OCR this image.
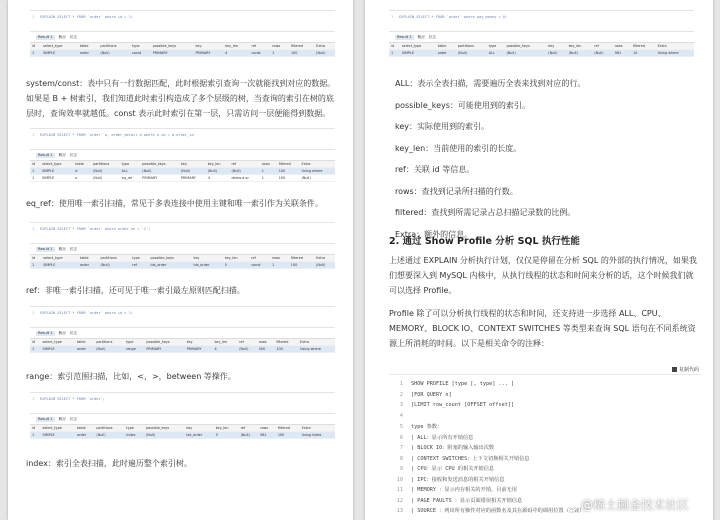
1 EXPLAIN SELECT * FROM `order` where id = 1;
Result 1	概况 状态
id	select_type	table	partitions	type	possible_keys	key	key_len	ref	rows	filtered	Extra
1	SIMPLE	order	(Null)	const	PRIMARY	PRIMARY	4	const	1	100	(Null)

system/const：表中只有一行数据匹配，此时根据索引查询一次就能找到对应的数据。如果是 B + 树索引，我们知道此时索引构造成了多个层级的树，当查询的索引在树的底层时，查询效率就越低。const 表示此时索引在第一层，只需访问一层便能得到数据。

1 EXPLAIN SELECT * FROM `order` o, order_detail d where o.id = d.order_id
Result 1	概况 状态
id	select_type	table	partitions	type	possible_keys	key	key_len	ref	rows	filtered	Extra
1	SIMPLE	d	(Null)	ALL	(Null)	(Null)	(Null)	(Null)	1	100	Using where
1	SIMPLE	o	(Null)	eq_ref	PRIMARY	PRIMARY	4	demo.d.or	1	100	(Null)

eq_ref：使用唯一索引扫描，常见于多表连接中使用主键和唯一索引作为关联条件。

1 EXPLAIN SELECT * FROM `order` where order_no = '1';
Result 1	概况 状态
id	select_type	table	partitions	type	possible_keys	key	key_len	ref	rows	filtered	Extra
1	SIMPLE	order	(Null)	ref	idx_order	idx_order	5	const	1	100	(Null)

ref：非唯一索引扫描，还可见于唯一索引最左原则匹配扫描。

1 EXPLAIN SELECT * FROM `order` where id > 1;
Result 1	概况 状态
id	select_type	table	partitions	type	possible_keys	key	key_len	ref	rows	filtered	Extra
1	SIMPLE	order	(Null)	range	PRIMARY	PRIMARY	4	(Null)	500	100	Using where

range：索引范围扫描，比如，<，>，between 等操作。

1 EXPLAIN SELECT * FROM `order`;
Result 1	概况 状态
id	select_type	table	partitions	type	possible_keys	key	key_len	ref	rows	filtered	Extra
1	SIMPLE	order	(Null)	index	(Null)	idx_order	5	(Null)	981	100	Using index

index：索引全表扫描，此时遍历整个索引树。

1 EXPLAIN SELECT * FROM `order` where pay_money = 0;
Result 1	概况 状态
id	select_type	table	partitions	type	possible_keys	key	key_len	ref	rows	filtered	Extra
1	SIMPLE	order	(Null)	ALL	(Null)	(Null)	(Null)	(Null)	981	10	Using where
ALL：表示全表扫描，需要遍历全表来找到对应的行。
possible_keys：可能使用到的索引。
key：实际使用到的索引。
key_len：当前使用的索引的长度。
ref：关联 id 等信息。
rows：查找到记录所扫描的行数。
filtered：查找到所需记录占总扫描记录数的比例。
Extra：额外的信息。
2. 通过 Show Profile 分析 SQL 执行性能

上述通过 EXPLAIN 分析执行计划，仅仅是停留在分析 SQL 的外部的执行情况，如果我们想要深入到 MySQL 内核中，从执行线程的状态和时间来分析的话，这个时候我们就可以选择 Profile。

Profile 除了可以分析执行线程的状态和时间，还支持进一步选择 ALL、CPU、MEMORY、BLOCK IO、CONTEXT SWITCHES 等类型来查询 SQL 语句在不同系统资源上所消耗的时间。以下是相关命令的注释：

复制代码
1 SHOW PROFILE [type [, type] ... ]
2 [FOR QUERY n]
3 [LIMIT row_count [OFFSET offset]]
4
5 type 参数：
6 | ALL：显示所有开销信息
7 | BLOCK IO：阻塞的输入输出次数
8 | CONTEXT SWITCHES：上下文切换相关开销信息
9 | CPU：显示 CPU 的相关开销信息
10 | IPC：接收和发送消息的相关开销信息
11 | MEMORY ：显示内存相关的开销，目前无用
12 | PAGE FAULTS ：显示页面错误相关开销信息
13 | SOURCE ：列出所有操作对应的函数名及其在源码中的调用位置（行数）
@稀土掘金技术社区
